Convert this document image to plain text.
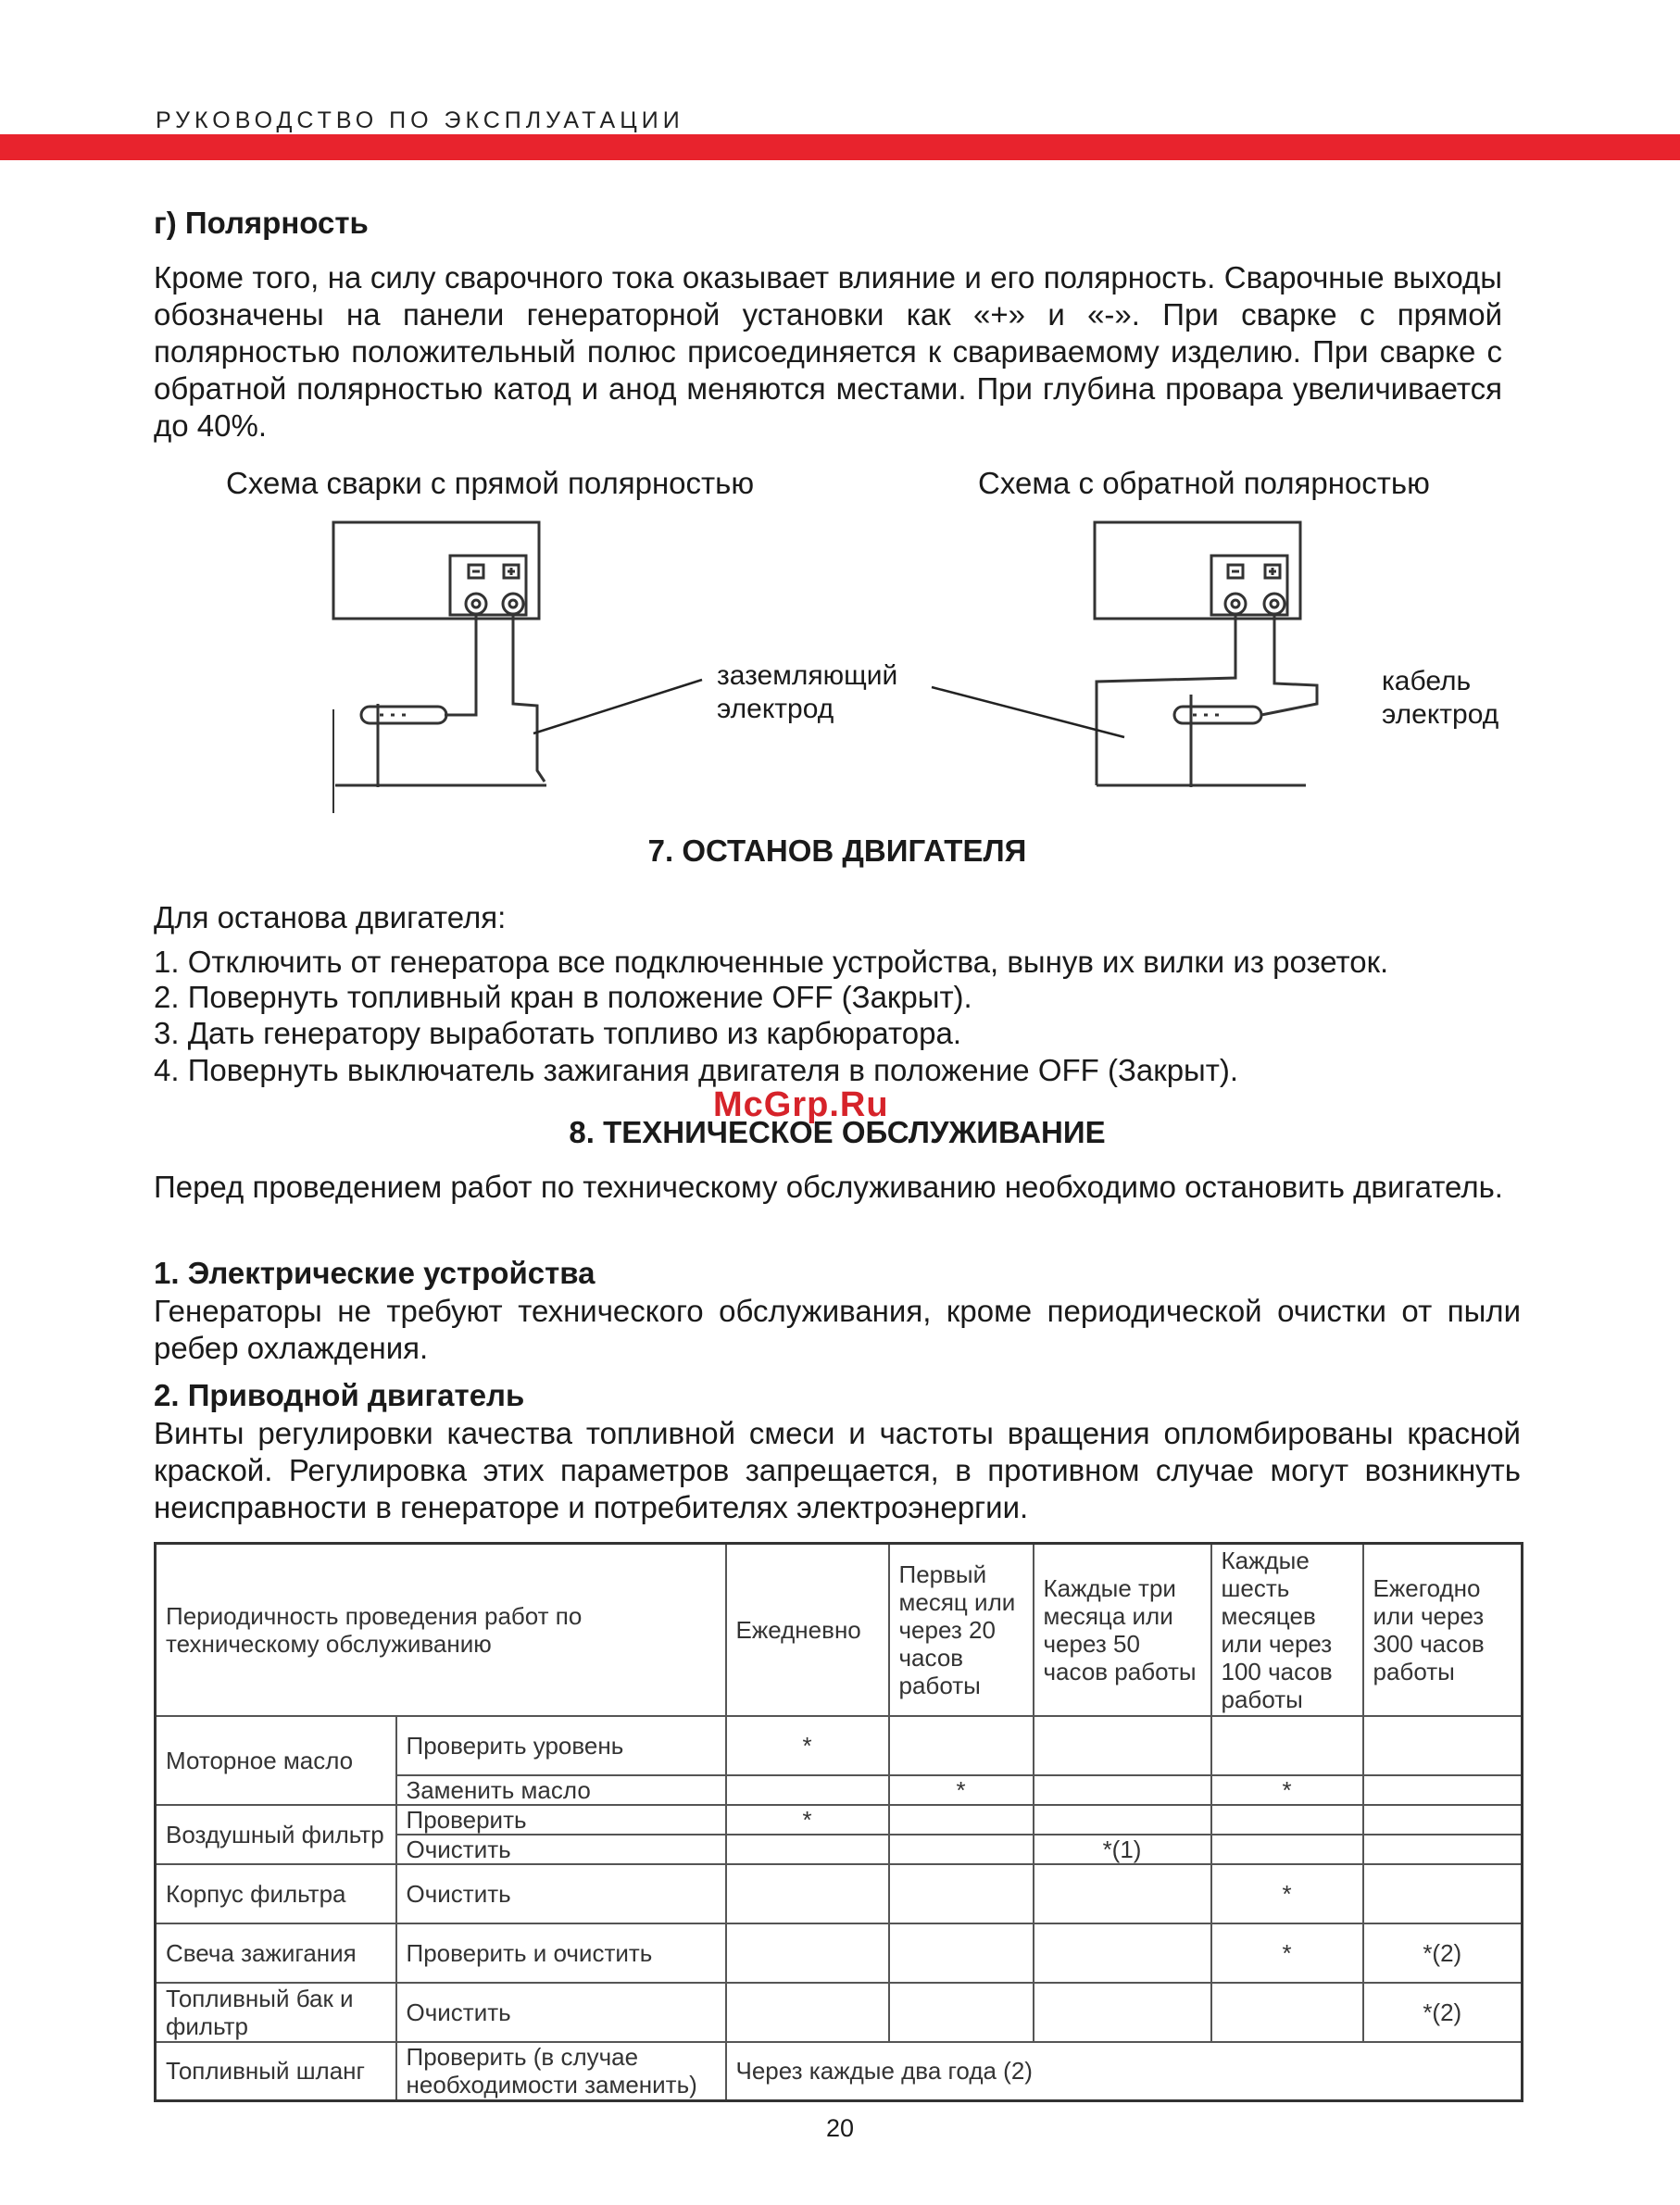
РУКОВОДСТВО ПО ЭКСПЛУАТАЦИИ
г) Полярность
Кроме того, на силу сварочного тока оказывает влияние и его полярность. Сварочные выходы обозначены на панели генераторной установки как «+» и «-». При сварке с прямой полярностью положительный полюс присоединяется к свариваемому изделию. При сварке с обратной полярностью катод и анод меняются местами. При глубина провара увеличивается до 40%.
Схема сварки с прямой полярностью	Схема с обратной полярностью
заземляющий
электрод
кабель
электрод
7. ОСТАНОВ ДВИГАТЕЛЯ
Для останова двигателя:
1. Отключить от генератора все подключенные устройства, вынув их вилки из розеток.
2. Повернуть топливный кран в положение OFF (Закрыт).
3. Дать генератору выработать топливо из карбюратора.
4. Повернуть выключатель зажигания двигателя в положение OFF (Закрыт).
McGrp.Ru
8. ТЕХНИЧЕСКОЕ ОБСЛУЖИВАНИЕ
Перед проведением работ по техническому обслуживанию необходимо остановить двигатель.
1. Электрические устройства
Генераторы не требуют технического обслуживания, кроме периодической очистки от пыли ребер охлаждения.
2. Приводной двигатель
Винты регулировки качества топливной смеси и частоты вращения опломбированы красной краской. Регулировка этих параметров запрещается, в противном случае могут возникнуть неисправности в генераторе и потребителях электроэнергии.
Периодичность проведения работ по техническому обслуживанию		Ежедневно	Первый месяц или через 20 часов работы	Каждые три месяца или через 50 часов работы	Каждые шесть месяцев или через 100 часов работы	Ежегодно или через 300 часов работы
Моторное масло	Проверить уровень	*				
	Заменить масло		*		*	
Воздушный фильтр	Проверить	*				
	Очистить			*(1)		
Корпус фильтра	Очистить				*	
Свеча зажигания	Проверить и очистить				*	*(2)
Топливный бак и фильтр	Очистить					*(2)
Топливный шланг	Проверить (в случае необходимости заменить)	Через каждые два года (2)				
20
